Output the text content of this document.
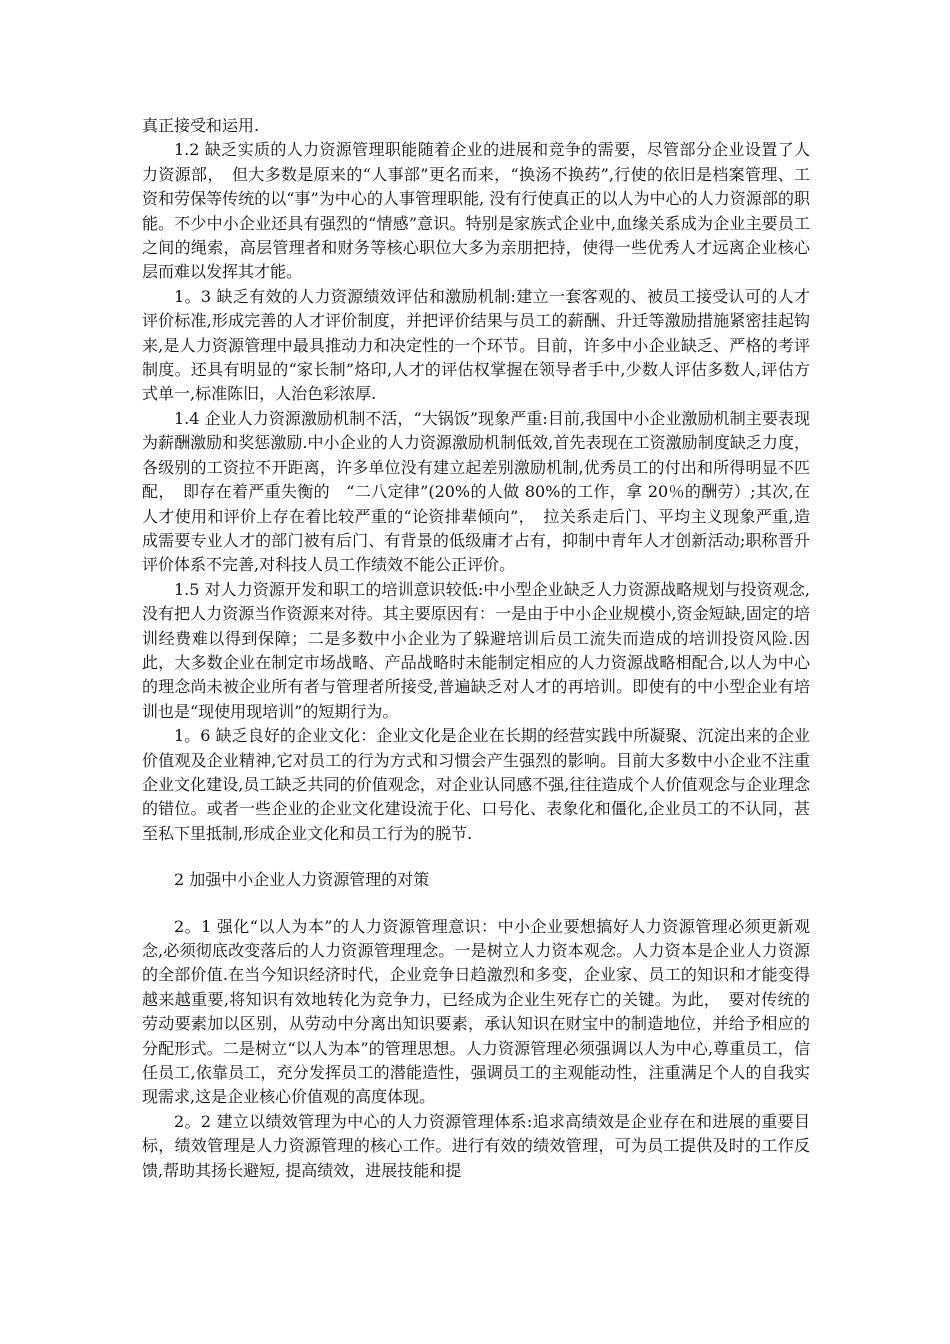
真正接受和运用.

1.2 缺乏实质的人力资源管理职能随着企业的进展和竞争的需要，尽管部分企业设置了人力资源部，　但大多数是原来的“人事部”更名而来，“换汤不换药”,行使的依旧是档案管理、工资和劳保等传统的以“事”为中心的人事管理职能, 没有行使真正的以人为中心的人力资源部的职能。不少中小企业还具有强烈的“情感”意识。特别是家族式企业中,血缘关系成为企业主要员工之间的绳索，高层管理者和财务等核心职位大多为亲朋把持，使得一些优秀人才远离企业核心层而难以发挥其才能。

1。3 缺乏有效的人力资源绩效评估和激励机制:建立一套客观的、被员工接受认可的人才评价标准,形成完善的人才评价制度，并把评价结果与员工的薪酬、升迁等激励措施紧密挂起钩来,是人力资源管理中最具推动力和决定性的一个环节。目前，许多中小企业缺乏、严格的考评制度。还具有明显的“家长制”烙印,人才的评估权掌握在领导者手中,少数人评估多数人,评估方式单一,标准陈旧，人治色彩浓厚.

1.4 企业人力资源激励机制不活，“大锅饭”现象严重:目前,我国中小企业激励机制主要表现为薪酬激励和奖惩激励.中小企业的人力资源激励机制低效,首先表现在工资激励制度缺乏力度，各级别的工资拉不开距离，许多单位没有建立起差别激励机制,优秀员工的付出和所得明显不匹配，　即存在着严重失衡的　“二八定律”(20%的人做 80%的工作，拿 20％的酬劳）;其次,在人才使用和评价上存在着比较严重的“论资排辈倾向”，　拉关系走后门、平均主义现象严重,造成需要专业人才的部门被有后门、有背景的低级庸才占有，抑制中青年人才创新活动;职称晋升评价体系不完善,对科技人员工作绩效不能公正评价。

1.5 对人力资源开发和职工的培训意识较低:中小型企业缺乏人力资源战略规划与投资观念,没有把人力资源当作资源来对待。其主要原因有：一是由于中小企业规模小,资金短缺,固定的培训经费难以得到保障；二是多数中小企业为了躲避培训后员工流失而造成的培训投资风险.因此，大多数企业在制定市场战略、产品战略时未能制定相应的人力资源战略相配合,以人为中心的理念尚未被企业所有者与管理者所接受,普遍缺乏对人才的再培训。即使有的中小型企业有培训也是“现使用现培训”的短期行为。

1。6 缺乏良好的企业文化：企业文化是企业在长期的经营实践中所凝聚、沉淀出来的企业价值观及企业精神,它对员工的行为方式和习惯会产生强烈的影响。目前大多数中小企业不注重企业文化建设,员工缺乏共同的价值观念，对企业认同感不强,往往造成个人价值观念与企业理念的错位。或者一些企业的企业文化建设流于化、口号化、表象化和僵化,企业员工的不认同，甚至私下里抵制,形成企业文化和员工行为的脱节.

2 加强中小企业人力资源管理的对策

2。1 强化“以人为本”的人力资源管理意识：中小企业要想搞好人力资源管理必须更新观念,必须彻底改变落后的人力资源管理理念。一是树立人力资本观念。人力资本是企业人力资源的全部价值.在当今知识经济时代，企业竞争日趋激烈和多变，企业家、员工的知识和才能变得越来越重要,将知识有效地转化为竞争力，已经成为企业生死存亡的关键。为此，　要对传统的劳动要素加以区别，从劳动中分离出知识要素，承认知识在财宝中的制造地位，并给予相应的分配形式。二是树立“以人为本”的管理思想。人力资源管理必须强调以人为中心,尊重员工，信任员工,依靠员工，充分发挥员工的潜能造性，强调员工的主观能动性，注重满足个人的自我实现需求,这是企业核心价值观的高度体现。

2。2 建立以绩效管理为中心的人力资源管理体系:追求高绩效是企业存在和进展的重要目标，绩效管理是人力资源管理的核心工作。进行有效的绩效管理，可为员工提供及时的工作反馈,帮助其扬长避短, 提高绩效，进展技能和提
